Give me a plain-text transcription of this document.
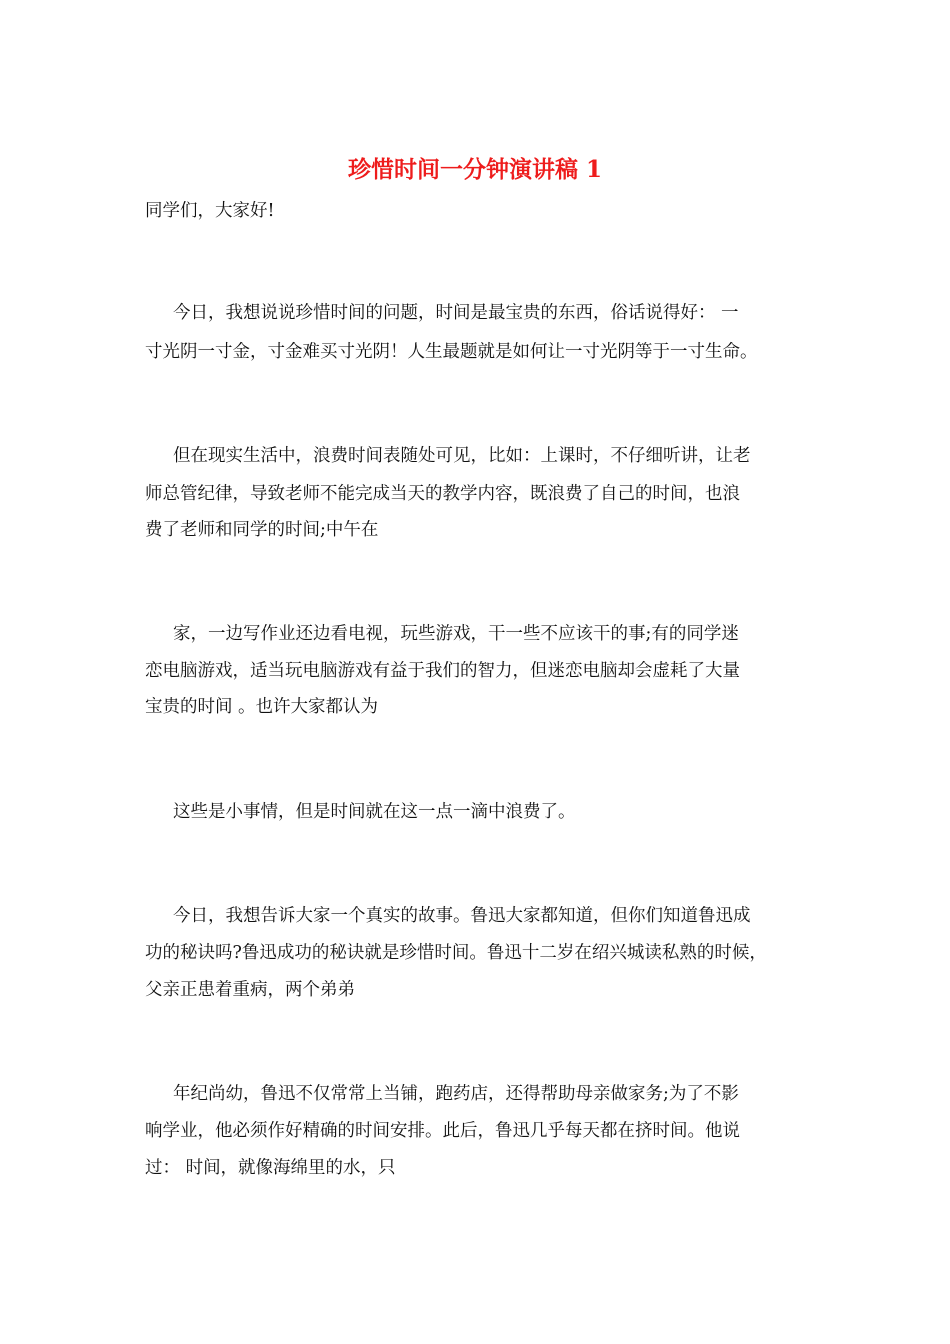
珍惜时间一分钟演讲稿 1

同学们，大家好!

今日，我想说说珍惜时间的问题，时间是最宝贵的东西，俗话说得好： 一

寸光阴一寸金，寸金难买寸光阴！人生最题就是如何让一寸光阴等于一寸生命。

但在现实生活中，浪费时间表随处可见，比如：上课时，不仔细听讲，让老

师总管纪律，导致老师不能完成当天的教学内容，既浪费了自己的时间，也浪

费了老师和同学的时间;中午在

家，一边写作业还边看电视，玩些游戏，干一些不应该干的事;有的同学迷

恋电脑游戏，适当玩电脑游戏有益于我们的智力，但迷恋电脑却会虚耗了大量

宝贵的时间 。也许大家都认为

这些是小事情，但是时间就在这一点一滴中浪费了。

今日，我想告诉大家一个真实的故事。鲁迅大家都知道，但你们知道鲁迅成

功的秘诀吗?鲁迅成功的秘诀就是珍惜时间。鲁迅十二岁在绍兴城读私熟的时候，

父亲正患着重病，两个弟弟

年纪尚幼，鲁迅不仅常常上当铺，跑药店，还得帮助母亲做家务;为了不影

响学业，他必须作好精确的时间安排。此后，鲁迅几乎每天都在挤时间。他说

过： 时间，就像海绵里的水，只
